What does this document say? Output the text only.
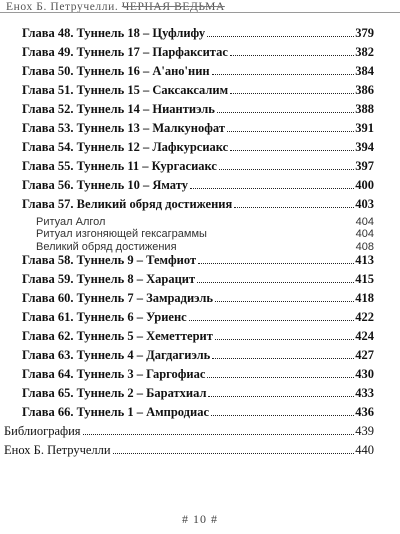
Енох Б. Петручелли. ЧЕРНАЯ ВЕДЬМА
Глава 48. Туннель 18 – Цуфлифу	379
Глава 49. Туннель 17 – Парфакситас	382
Глава 50. Туннель 16 – А'ано'нин	384
Глава 51. Туннель 15 – Саксаксалим	386
Глава 52. Туннель 14 – Ниантиэль	388
Глава 53. Туннель 13 – Малкунофат	391
Глава 54. Туннель 12 – Лафкурсиакс	394
Глава 55. Туннель 11 – Кургасиакс	397
Глава 56. Туннель 10 – Ямату	400
Глава 57. Великий обряд достижения	403
Ритуал Алгол	404
Ритуал изгоняющей гексаграммы	404
Великий обряд достижения	408
Глава 58. Туннель 9 – Темфиот	413
Глава 59. Туннель 8 – Харацит	415
Глава 60. Туннель 7 – Замрадиэль	418
Глава 61. Туннель 6 – Уриенс	422
Глава 62. Туннель 5 – Хеметтерит	424
Глава 63. Туннель 4 – Дагдагиэль	427
Глава 64. Туннель 3 – Гаргофиас	430
Глава 65. Туннель 2 – Баратхиал	433
Глава 66. Туннель 1 – Ампродиас	436
Библиография	439
Енох Б. Петручелли	440
# 10 #
